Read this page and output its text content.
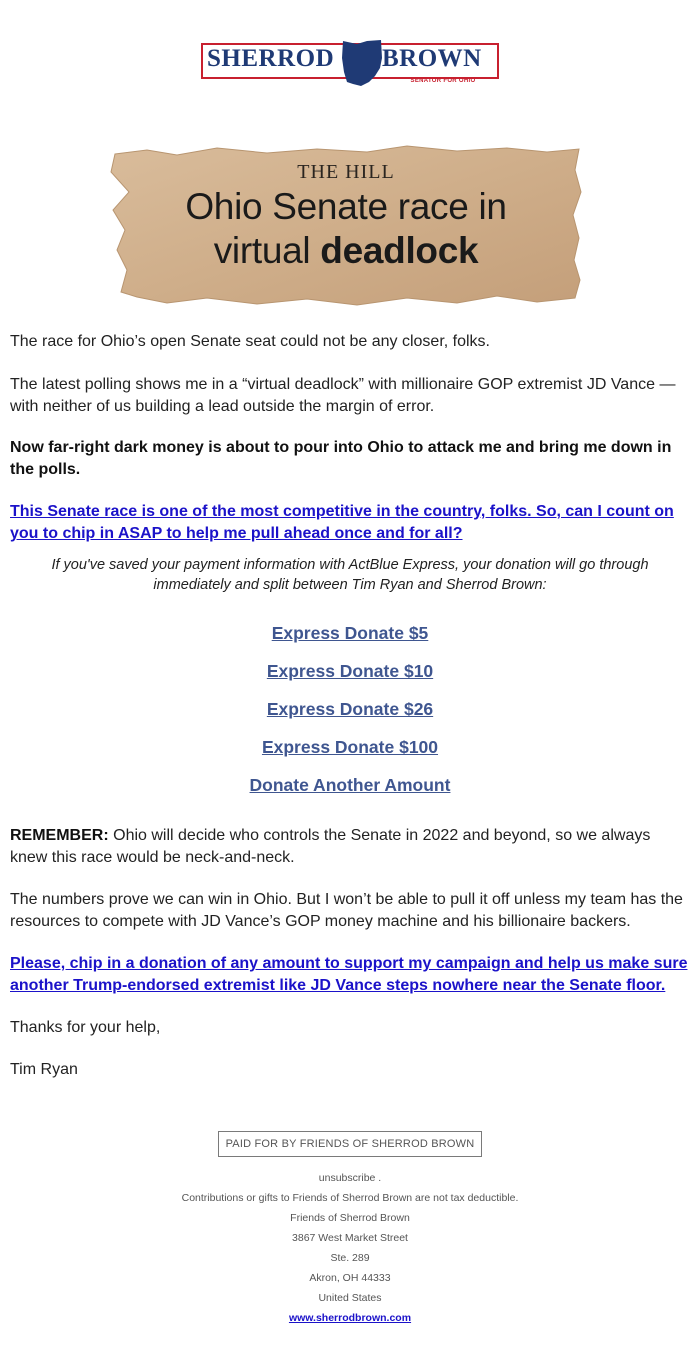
SHERROD BROWN
SENATOR FOR OHIO
THE HILL
Ohio Senate race in
virtual deadlock
The race for Ohio’s open Senate seat could not be any closer, folks.
The latest polling shows me in a “virtual deadlock” with millionaire GOP extremist JD Vance — with neither of us building a lead outside the margin of error.
Now far-right dark money is about to pour into Ohio to attack me and bring me down in the polls.
This Senate race is one of the most competitive in the country, folks. So, can I count on you to chip in ASAP to help me pull ahead once and for all?
If you've saved your payment information with ActBlue Express, your donation will go through immediately and split between Tim Ryan and Sherrod Brown:
Express Donate $5
Express Donate $10
Express Donate $26
Express Donate $100
Donate Another Amount
REMEMBER: Ohio will decide who controls the Senate in 2022 and beyond, so we always knew this race would be neck-and-neck.
The numbers prove we can win in Ohio. But I won’t be able to pull it off unless my team has the resources to compete with JD Vance’s GOP money machine and his billionaire backers.
Please, chip in a donation of any amount to support my campaign and help us make sure another Trump-endorsed extremist like JD Vance steps nowhere near the Senate floor.
Thanks for your help,
Tim Ryan
PAID FOR BY FRIENDS OF SHERROD BROWN
unsubscribe .
Contributions or gifts to Friends of Sherrod Brown are not tax deductible.
Friends of Sherrod Brown
3867 West Market Street
Ste. 289
Akron, OH 44333
United States
www.sherrodbrown.com
